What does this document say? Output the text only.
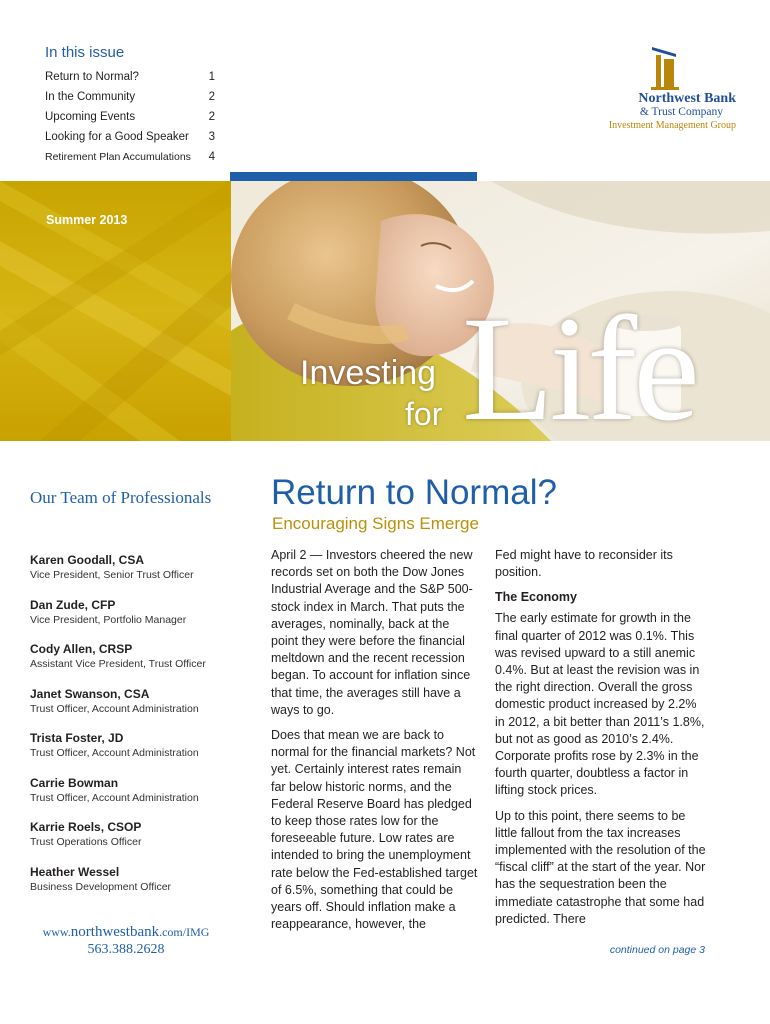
In this issue
Return to Normal?	1
In the Community	2
Upcoming Events	2
Looking for a Good Speaker	3
Retirement Plan Accumulations	4
Northwest Bank
& Trust Company
Investment Management Group
Summer 2013
Life
Investing
for
Our Team of Professionals
Karen Goodall, CSA
Vice President, Senior Trust Officer
Dan Zude, CFP
Vice President, Portfolio Manager
Cody Allen, CRSP
Assistant Vice President, Trust Officer
Janet Swanson, CSA
Trust Officer, Account Administration
Trista Foster, JD
Trust Officer, Account Administration
Carrie Bowman
Trust Officer, Account Administration
Karrie Roels, CSOP
Trust Operations Officer
Heather Wessel
Business Development Officer
www.northwestbank.com/IMG
563.388.2628
Return to Normal?
Encouraging Signs Emerge

April 2 — Investors cheered the new records set on both the Dow Jones Industrial Average and the S&P 500-stock index in March. That puts the averages, nominally, back at the point they were before the financial meltdown and the recent recession began. To account for inflation since that time, the averages still have a ways to go.

Does that mean we are back to normal for the financial markets? Not yet. Certainly interest rates remain far below historic norms, and the Federal Reserve Board has pledged to keep those rates low for the foreseeable future. Low rates are intended to bring the unemployment rate below the Fed-established target of 6.5%, something that could be years off. Should inflation make a reappearance, however, the

Fed might have to reconsider its position.

The Economy

The early estimate for growth in the final quarter of 2012 was 0.1%. This was revised upward to a still anemic 0.4%. But at least the revision was in the right direction. Overall the gross domestic product increased by 2.2% in 2012, a bit better than 2011’s 1.8%, but not as good as 2010’s 2.4%. Corporate profits rose by 2.3% in the fourth quarter, doubtless a factor in lifting stock prices.

Up to this point, there seems to be little fallout from the tax increases implemented with the resolution of the “fiscal cliff” at the start of the year. Nor has the sequestration been the immediate catastrophe that some had predicted. There

continued on page 3
